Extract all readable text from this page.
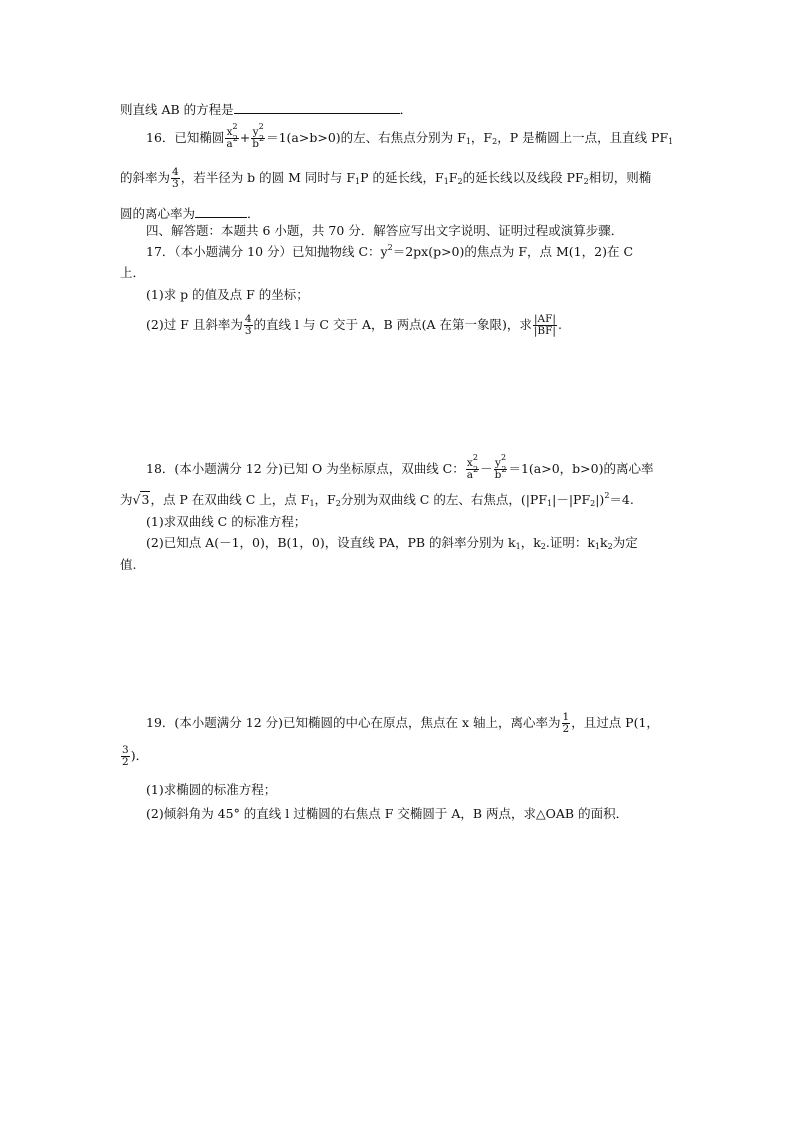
则直线 AB 的方程是	．
16．已知椭圆 $\frac{x^2}{a^2} + \frac{y^2}{b^2} =1(a>b>0)$的左、右焦点分别为 $F_1$，$F_2$，P 是椭圆上一点，且直线 $PF_1$
的斜率为 $\frac{4}{3}$ ，若半径为 b 的圆 M 同时与 $F_1P$ 的延长线，$F_1F_2$的延长线以及线段 $PF_2$相切，则椭
圆的离心率为	．
四、解答题：本题共 6 小题，共 70 分．解答应写出文字说明、证明过程或演算步骤．
17．（本小题满分 10 分）已知抛物线 C：$y^2=2px(p>0)$的焦点为 F，点 M(1，2)在 C
上．
(1)求 p 的值及点 F 的坐标；
(2)过 F 且斜率为 $\frac{4}{3}$ 的直线 l 与 C 交于 A，B 两点(A 在第一象限)，求 $\frac{|AF|}{|BF|}$ .
18．(本小题满分 12 分)已知 O 为坐标原点，双曲线 C： $\frac{x^2}{a^2} - \frac{y^2}{b^2} =1(a>0$，b>0)的离心率
为√3，点 P 在双曲线 C 上，点 $F_1$，$F_2$分别为双曲线 C 的左、右焦点，$(|PF_1|-|PF_2|)^2=4$.
(1)求双曲线 C 的标准方程；
(2)已知点 A(－1，0)，B(1，0)，设直线 PA，PB 的斜率分别为 $k_1$，$k_2$.证明：$k_1k_2$为定
值.
19．(本小题满分 12 分)已知椭圆的中心在原点，焦点在 x 轴上，离心率为 $\frac{1}{2}$ ，且过点 P(1，
$\frac{3}{2}$ )．
(1)求椭圆的标准方程；
(2)倾斜角为 45° 的直线 l 过椭圆的右焦点 F 交椭圆于 A，B 两点，求△OAB 的面积．
